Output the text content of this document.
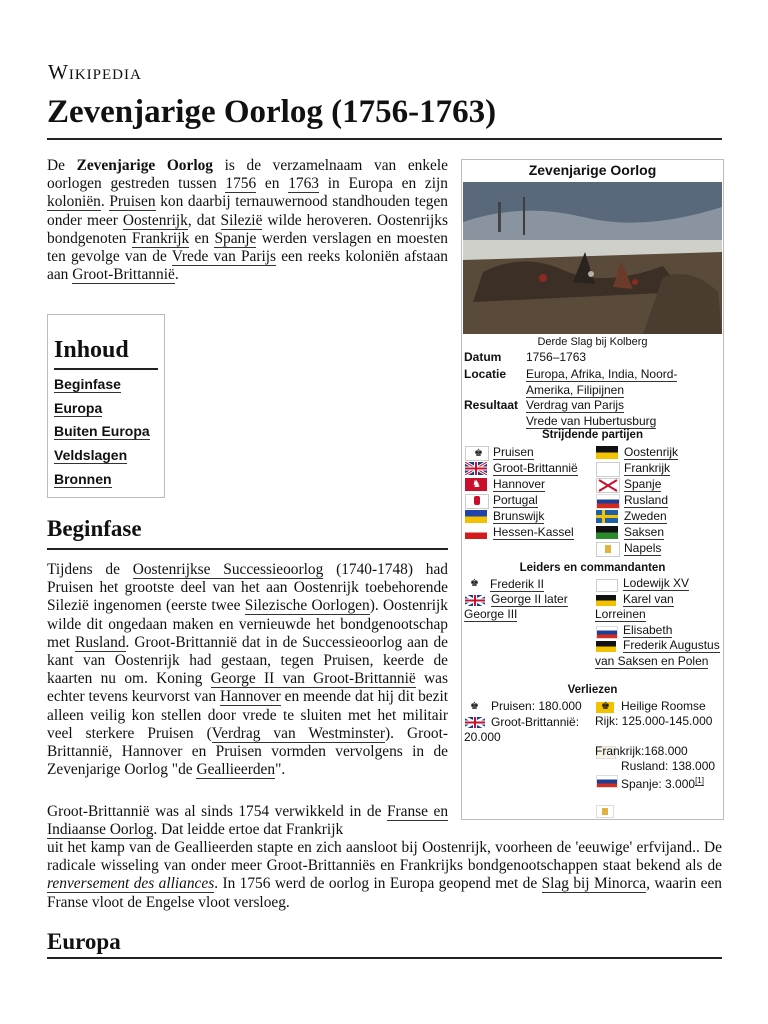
Wikipedia
Zevenjarige Oorlog (1756-1763)

De Zevenjarige Oorlog is de verzamelnaam van enkele oorlogen gestreden tussen 1756 en 1763 in Europa en zijn koloniën. Pruisen kon daarbij ternauwernood standhouden tegen onder meer Oostenrijk, dat Silezië wilde heroveren. Oostenrijks bondgenoten Frankrijk en Spanje werden verslagen en moesten ten gevolge van de Vrede van Parijs een reeks koloniën afstaan aan Groot-Brittannië.

Inhoud
Beginfase
Europa
Buiten Europa
Veldslagen
Bronnen
Beginfase

Tijdens de Oostenrijkse Successieoorlog (1740-1748) had Pruisen het grootste deel van het aan Oostenrijk toebehorende Silezië ingenomen (eerste twee Silezische Oorlogen). Oostenrijk wilde dit ongedaan maken en vernieuwde het bondgenootschap met Rusland. Groot-Brittannië dat in de Successieoorlog aan de kant van Oostenrijk had gestaan, tegen Pruisen, keerde de kaarten nu om. Koning George II van Groot-Brittannië was echter tevens keurvorst van Hannover en meende dat hij dit bezit alleen veilig kon stellen door vrede te sluiten met het militair veel sterkere Pruisen (Verdrag van Westminster). Groot-Brittannië, Hannover en Pruisen vormden vervolgens in de Zevenjarige Oorlog "de Geallieerden".

Groot-Brittannië was al sinds 1754 verwikkeld in de Franse en Indiaanse Oorlog. Dat leidde ertoe dat Frankrijk

uit het kamp van de Geallieerden stapte en zich aansloot bij Oostenrijk, voorheen de 'eeuwige' erfvijand.. De radicale wisseling van onder meer Groot-Brittanniës en Frankrijks bondgenootschappen staat bekend als de renversement des alliances. In 1756 werd de oorlog in Europa geopend met de Slag bij Minorca, waarin een Franse vloot de Engelse vloot versloeg.

Europa
Zevenjarige Oorlog
Derde Slag bij Kolberg
Datum 1756–1763
Locatie Europa, Afrika, India, Noord-Amerika, Filipijnen
Resultaat Verdrag van Parijs
Vrede van Hubertusburg
Strijdende partijen
♚
♞
Pruisen
Groot-Brittannië
Hannover
Portugal
Brunswijk
Hessen-Kassel
Oostenrijk
Frankrijk
Spanje
Rusland
Zweden
Saksen
Napels
Leiders en commandanten
♚ Frederik II
George II later George III
Lodewijk XV
Karel van Lorreinen
Elisabeth
Frederik Augustus van Saksen en Polen
Verliezen
♚	Pruisen: 180.000
Groot-Brittannië: 20.000
♚ Heilige Roomse Rijk: 125.000-145.000
Frankrijk:168.000
Rusland: 138.000
Spanje: 3.000[1]
